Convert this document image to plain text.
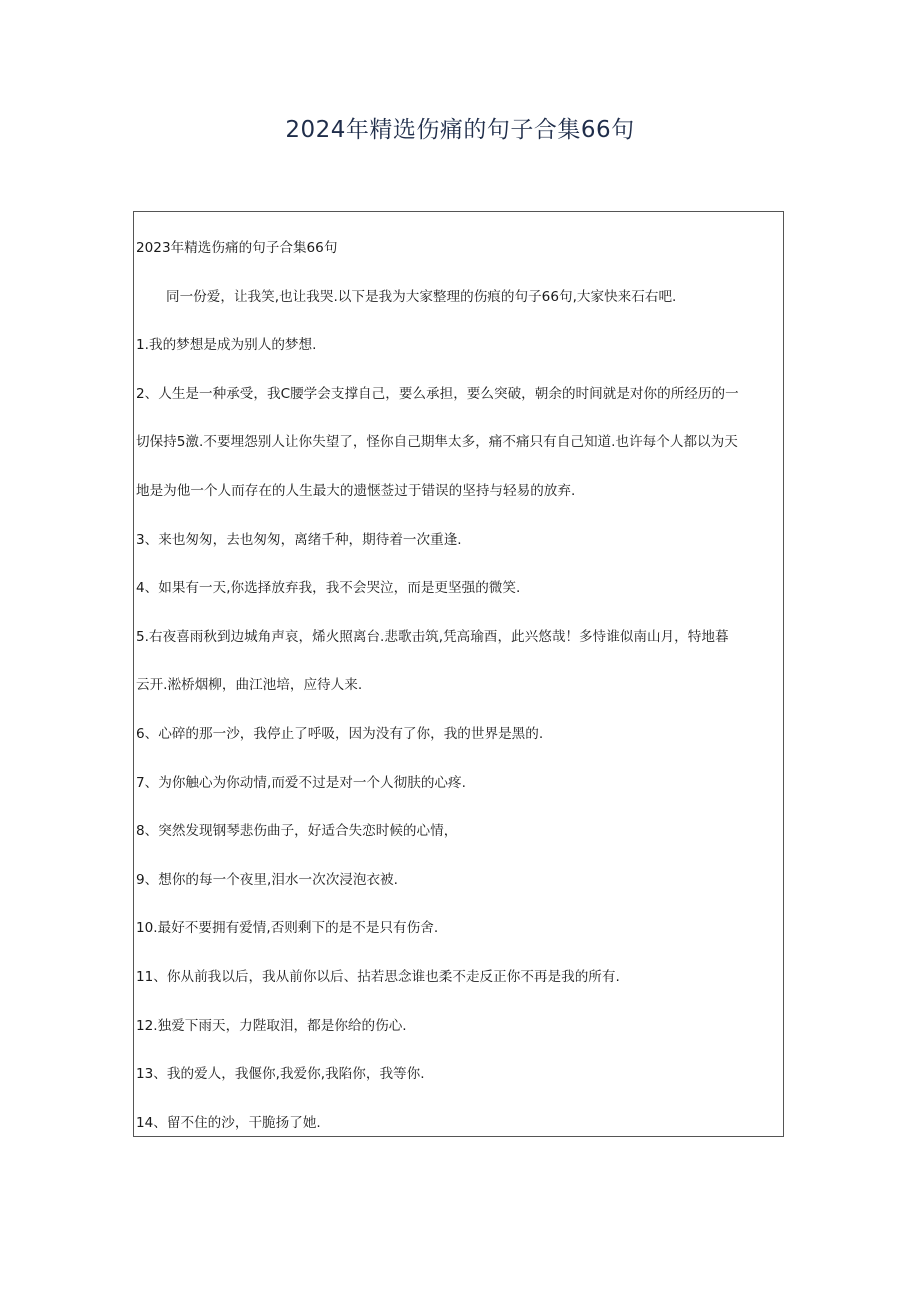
2024年精选伤痛的句子合集66句
2023年精选伤痛的句子合集66句
同一份爱，让我笑,也让我哭.以下是我为大家整理的伤痕的句子66句,大家快来石右吧.
1.我的梦想是成为别人的梦想.
2、人生是一种承受，我C腰学会支撑自己，要么承担，要么突破，朝余的时间就是对你的所经历的一
切保持5激.不要埋怨别人让你失望了，怪你自己期隼太多，痛不痛只有自己知道.也许每个人都以为天
地是为他一个人而存在的人生最大的遗惬莶过于错误的坚持与轻易的放弃.
3、来也匆匆，去也匆匆，离绪千种，期待着一次重逢.
4、如果有一天,你选择放弃我，我不会哭泣，而是更坚强的微笑.
5.右夜喜雨秋到边城角声哀，烯火照离台.悲歌击筑,凭高瑜酉，此兴悠哉！多恃谁似南山月，特地暮
云开.淞桥烟柳，曲江池培，应待人来.
6、心碎的那一沙，我停止了呼吸，因为没有了你，我的世界是黑的.
7、为你触心为你动情,而爱不过是对一个人彻肤的心疼.
8、突然发现钢琴悲伤曲子，好适合失恋时候的心情，
9、想你的每一个夜里,泪水一次次浸泡衣被.
10.最好不要拥有爱情,否则剩下的是不是只有伤舍.
11、你从前我以后，我从前你以后、拈若思念谁也柔不走反正你不再是我的所有.
12.独爱下雨天，力陛取泪，都是你给的伤心.
13、我的爱人，我偃你,我爱你,我陷你，我等你.
14、留不住的沙，干脆扬了她.
